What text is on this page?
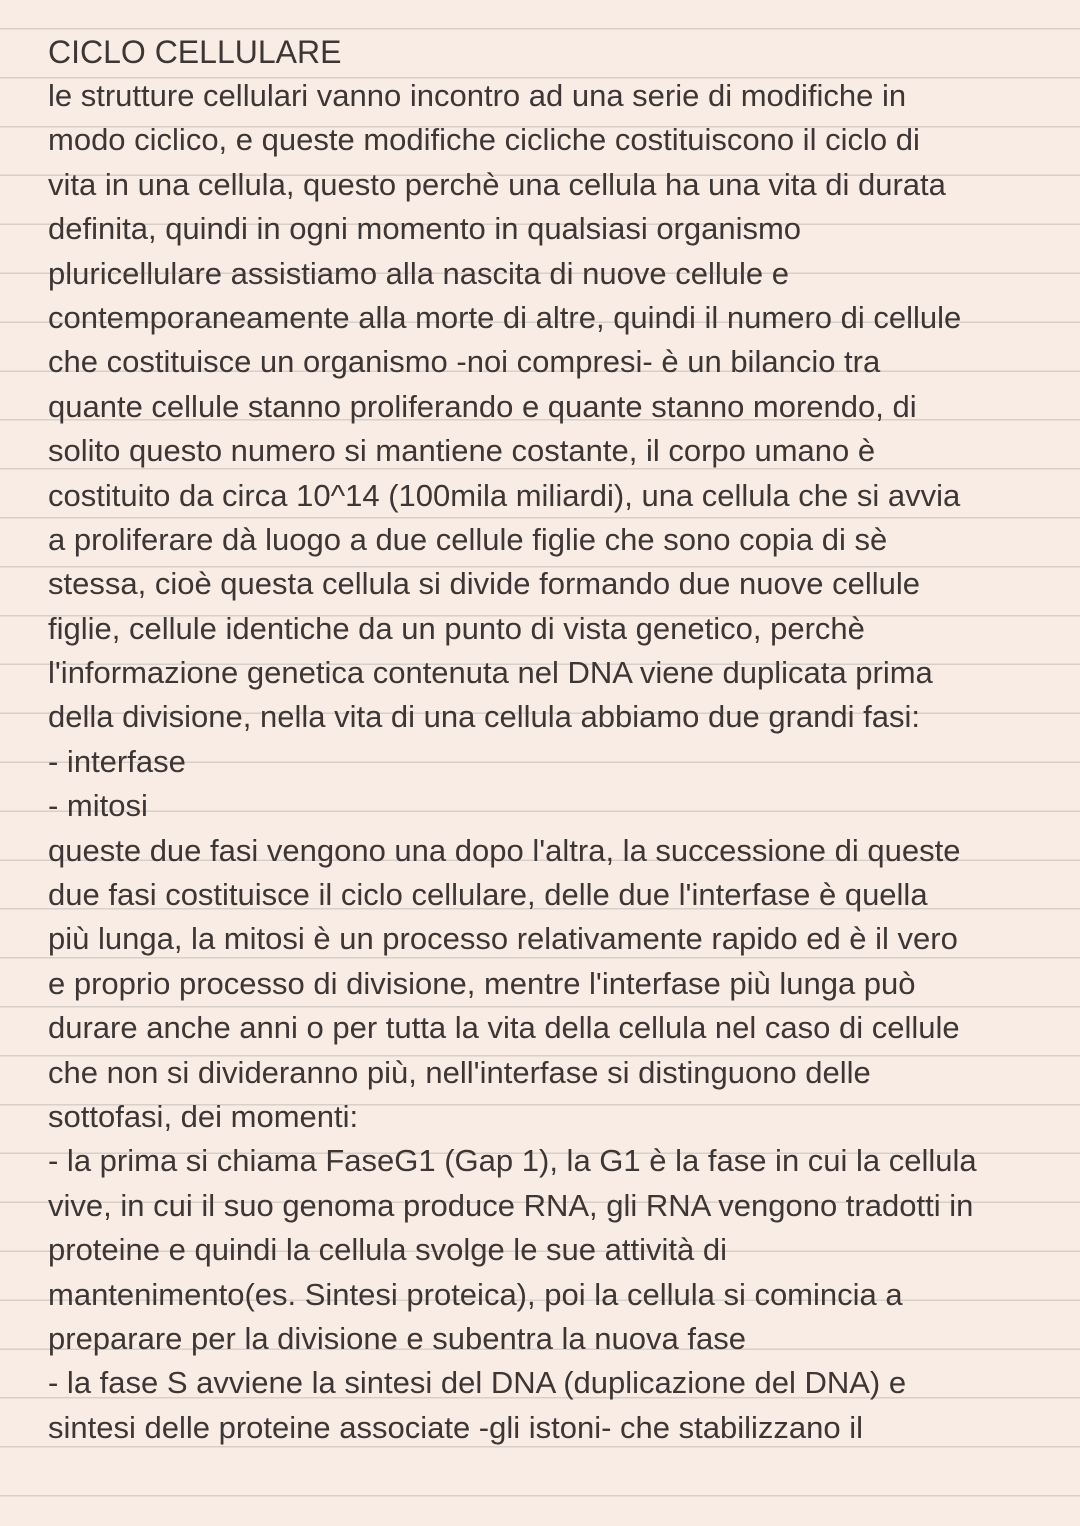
CICLO CELLULARE
le strutture cellulari vanno incontro ad una serie di modifiche in
modo ciclico, e queste modifiche cicliche costituiscono il ciclo di
vita in una cellula, questo perchè una cellula ha una vita di durata
definita, quindi in ogni momento in qualsiasi organismo
pluricellulare assistiamo alla nascita di nuove cellule e
contemporaneamente alla morte di altre, quindi il numero di cellule
che costituisce un organismo -noi compresi- è un bilancio tra
quante cellule stanno proliferando e quante stanno morendo, di
solito questo numero si mantiene costante, il corpo umano è
costituito da circa 10^14 (100mila miliardi), una cellula che si avvia
a proliferare dà luogo a due cellule figlie che sono copia di sè
stessa, cioè questa cellula si divide formando due nuove cellule
figlie, cellule identiche da un punto di vista genetico, perchè
l'informazione genetica contenuta nel DNA viene duplicata prima
della divisione, nella vita di una cellula abbiamo due grandi fasi:
- interfase
- mitosi
queste due fasi vengono una dopo l'altra, la successione di queste
due fasi costituisce il ciclo cellulare, delle due l'interfase è quella
più lunga, la mitosi è un processo relativamente rapido ed è il vero
e proprio processo di divisione, mentre l'interfase più lunga può
durare anche anni o per tutta la vita della cellula nel caso di cellule
che non si divideranno più, nell'interfase si distinguono delle
sottofasi, dei momenti:
- la prima si chiama FaseG1 (Gap 1), la G1 è la fase in cui la cellula
vive, in cui il suo genoma produce RNA, gli RNA vengono tradotti in
proteine e quindi la cellula svolge le sue attività di
mantenimento(es. Sintesi proteica), poi la cellula si comincia a
preparare per la divisione e subentra la nuova fase
- la fase S avviene la sintesi del DNA (duplicazione del DNA) e
sintesi delle proteine associate -gli istoni- che stabilizzano il
